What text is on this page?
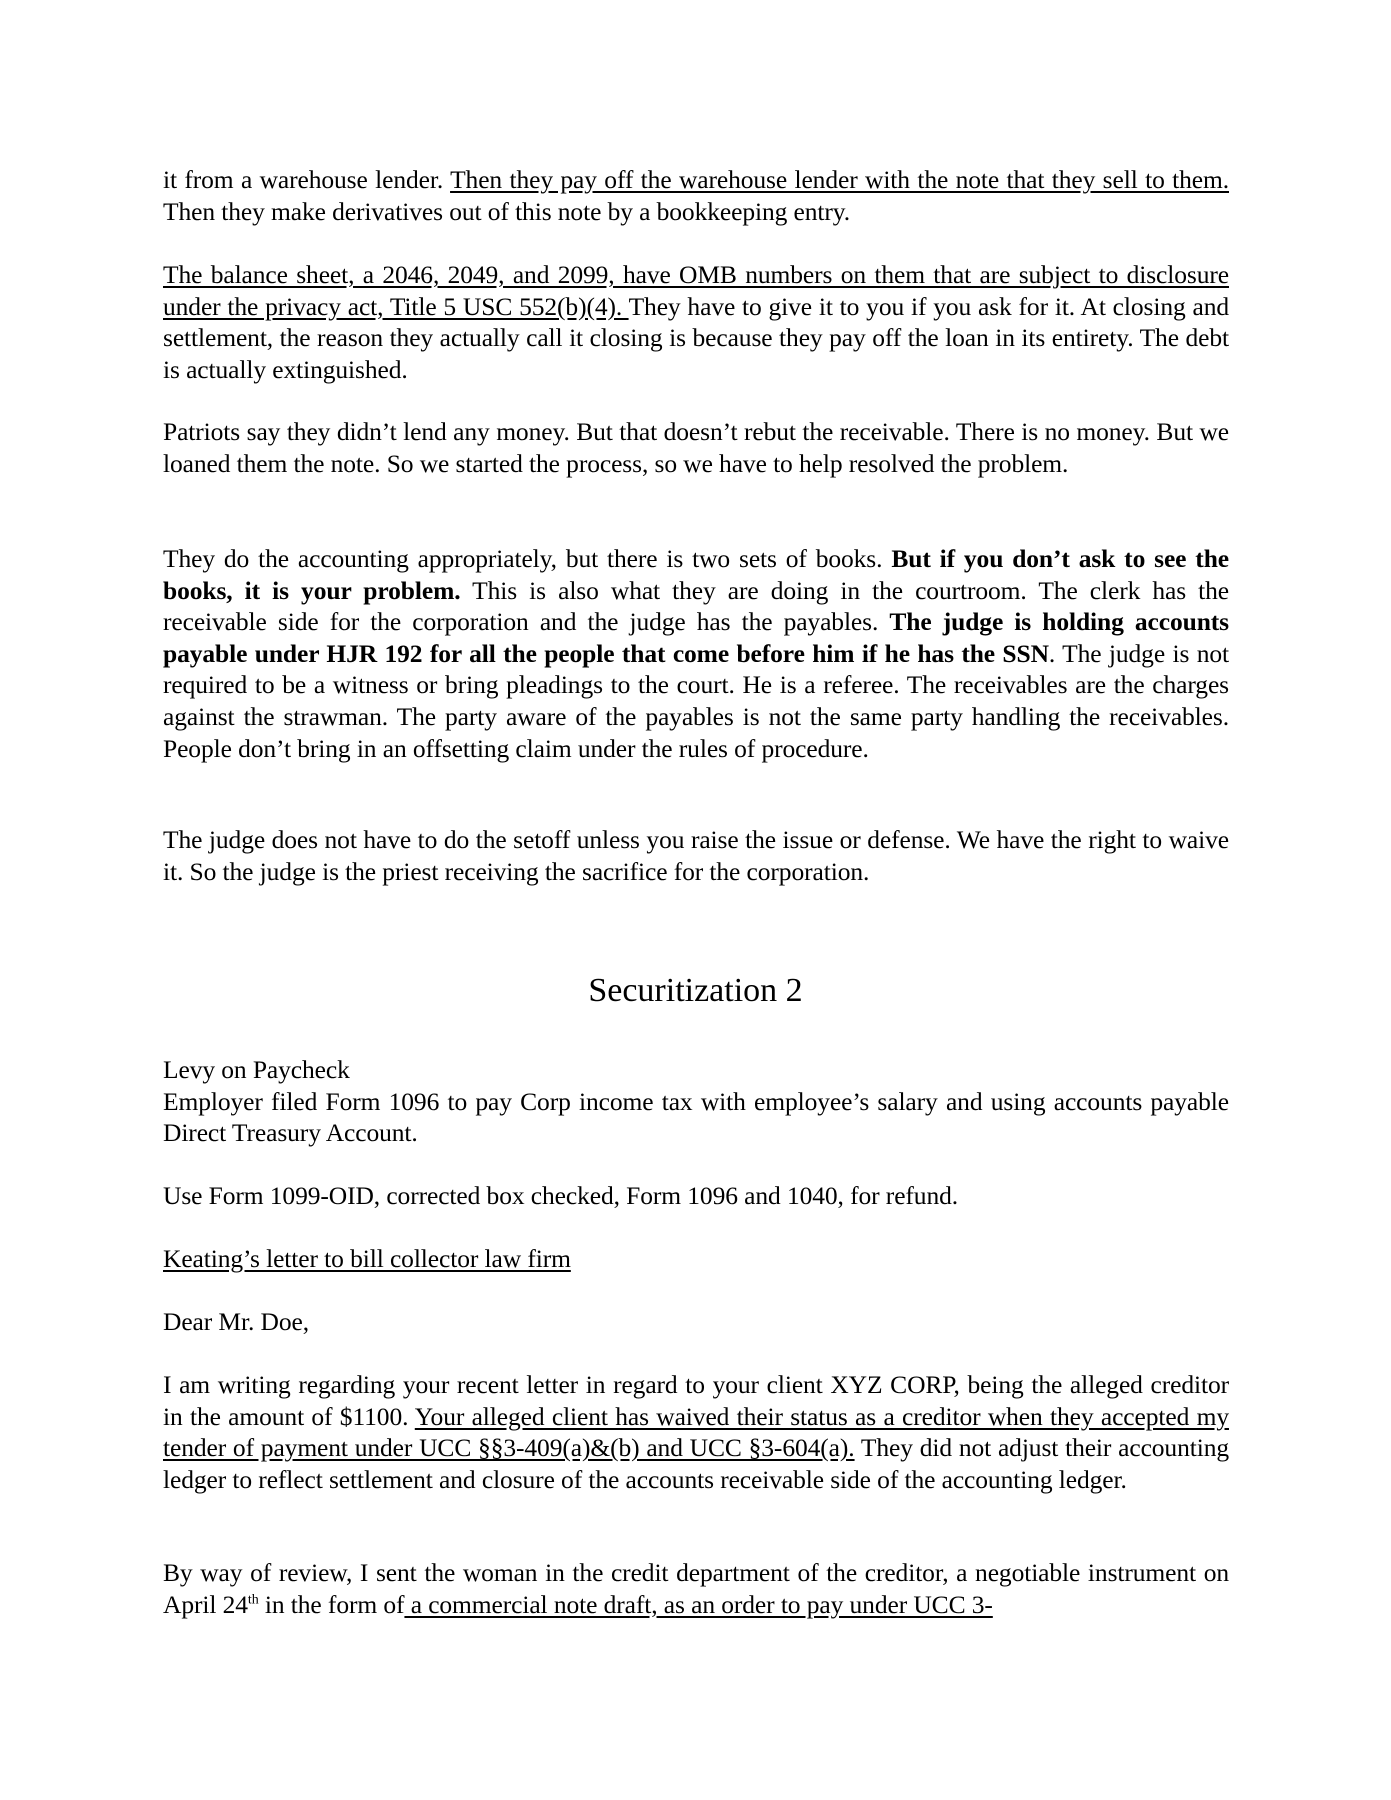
it from a warehouse lender. Then they pay off the warehouse lender with the note that they sell to them. Then they make derivatives out of this note by a bookkeeping entry.
The balance sheet, a 2046, 2049, and 2099, have OMB numbers on them that are subject to disclosure under the privacy act, Title 5 USC 552(b)(4). They have to give it to you if you ask for it. At closing and settlement, the reason they actually call it closing is because they pay off the loan in its entirety. The debt is actually extinguished.
Patriots say they didn’t lend any money. But that doesn’t rebut the receivable. There is no money. But we loaned them the note. So we started the process, so we have to help resolved the problem.
They do the accounting appropriately, but there is two sets of books. But if you don’t ask to see the books, it is your problem. This is also what they are doing in the courtroom. The clerk has the receivable side for the corporation and the judge has the payables. The judge is holding accounts payable under HJR 192 for all the people that come before him if he has the SSN. The judge is not required to be a witness or bring pleadings to the court. He is a referee. The receivables are the charges against the strawman. The party aware of the payables is not the same party handling the receivables. People don’t bring in an offsetting claim under the rules of procedure.
The judge does not have to do the setoff unless you raise the issue or defense. We have the right to waive it. So the judge is the priest receiving the sacrifice for the corporation.
Securitization 2
Levy on Paycheck
Employer filed Form 1096 to pay Corp income tax with employee’s salary and using accounts payable Direct Treasury Account.
Use Form 1099-OID, corrected box checked, Form 1096 and 1040, for refund.
Keating’s letter to bill collector law firm
Dear Mr. Doe,
I am writing regarding your recent letter in regard to your client XYZ CORP, being the alleged creditor in the amount of $1100. Your alleged client has waived their status as a creditor when they accepted my tender of payment under UCC §§3-409(a)&(b) and UCC §3-604(a). They did not adjust their accounting ledger to reflect settlement and closure of the accounts receivable side of the accounting ledger.
By way of review, I sent the woman in the credit department of the creditor, a negotiable instrument on April 24th in the form of a commercial note draft, as an order to pay under UCC 3-
